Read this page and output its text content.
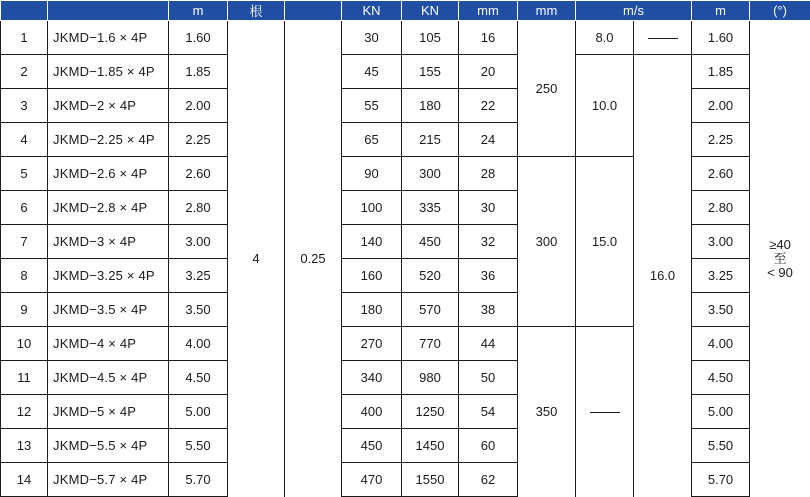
		m	根		KN	KN	mm	mm	m/s		m	(°)
1	JKMD−1.6 × 4P	1.60	4	0.25	30	105	16	250	8.0		1.60	≥40
至
< 90

2	JKMD−1.85 × 4P	1.85			45	155	20		10.0	16.0	1.85	
3	JKMD−2 × 4P	2.00			55	180	22				2.00	
4	JKMD−2.25 × 4P	2.25			65	215	24				2.25	
5	JKMD−2.6 × 4P	2.60			90	300	28	300	15.0		2.60	
6	JKMD−2.8 × 4P	2.80			100	335	30				2.80	
7	JKMD−3 × 4P	3.00			140	450	32				3.00	
8	JKMD−3.25 × 4P	3.25			160	520	36				3.25	
9	JKMD−3.5 × 4P	3.50			180	570	38				3.50	
10	JKMD−4 × 4P	4.00			270	770	44	350			4.00	
11	JKMD−4.5 × 4P	4.50			340	980	50				4.50	
12	JKMD−5 × 4P	5.00			400	1250	54				5.00	
13	JKMD−5.5 × 4P	5.50			450	1450	60				5.50	
14	JKMD−5.7 × 4P	5.70			470	1550	62				5.70	
